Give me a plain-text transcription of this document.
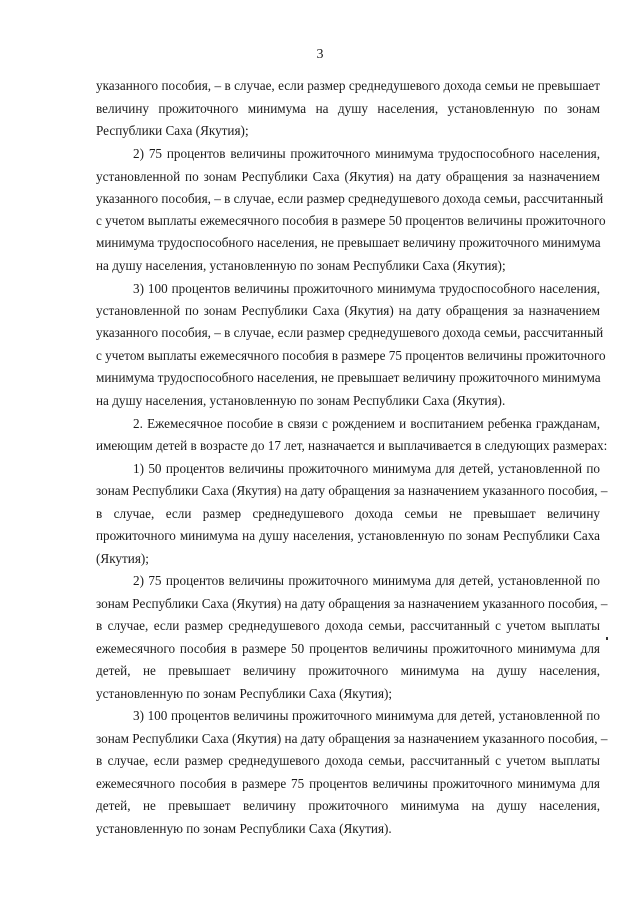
3
указанного пособия, – в случае, если размер среднедушевого дохода семьи не превышает
величину прожиточного минимума на душу населения, установленную по зонам
Республики Саха (Якутия);
2) 75 процентов величины прожиточного минимума трудоспособного населения,
установленной по зонам Республики Саха (Якутия) на дату обращения за назначением
указанного пособия, – в случае, если размер среднедушевого дохода семьи, рассчитанный
с учетом выплаты ежемесячного пособия в размере 50 процентов величины прожиточного
минимума трудоспособного населения, не превышает величину прожиточного минимума
на душу населения, установленную по зонам Республики Саха (Якутия);
3) 100 процентов величины прожиточного минимума трудоспособного населения,
установленной по зонам Республики Саха (Якутия) на дату обращения за назначением
указанного пособия, – в случае, если размер среднедушевого дохода семьи, рассчитанный
с учетом выплаты ежемесячного пособия в размере 75 процентов величины прожиточного
минимума трудоспособного населения, не превышает величину прожиточного минимума
на душу населения, установленную по зонам Республики Саха (Якутия).
2. Ежемесячное пособие в связи с рождением и воспитанием ребенка гражданам,
имеющим детей в возрасте до 17 лет, назначается и выплачивается в следующих размерах:
1) 50 процентов величины прожиточного минимума для детей, установленной по
зонам Республики Саха (Якутия) на дату обращения за назначением указанного пособия, –
в случае, если размер среднедушевого дохода семьи не превышает величину
прожиточного минимума на душу населения, установленную по зонам Республики Саха
(Якутия);
2) 75 процентов величины прожиточного минимума для детей, установленной по
зонам Республики Саха (Якутия) на дату обращения за назначением указанного пособия, –
в случае, если размер среднедушевого дохода семьи, рассчитанный с учетом выплаты
ежемесячного пособия в размере 50 процентов величины прожиточного минимума для
детей, не превышает величину прожиточного минимума на душу населения,
установленную по зонам Республики Саха (Якутия);
3) 100 процентов величины прожиточного минимума для детей, установленной по
зонам Республики Саха (Якутия) на дату обращения за назначением указанного пособия, –
в случае, если размер среднедушевого дохода семьи, рассчитанный с учетом выплаты
ежемесячного пособия в размере 75 процентов величины прожиточного минимума для
детей, не превышает величину прожиточного минимума на душу населения,
установленную по зонам Республики Саха (Якутия).
